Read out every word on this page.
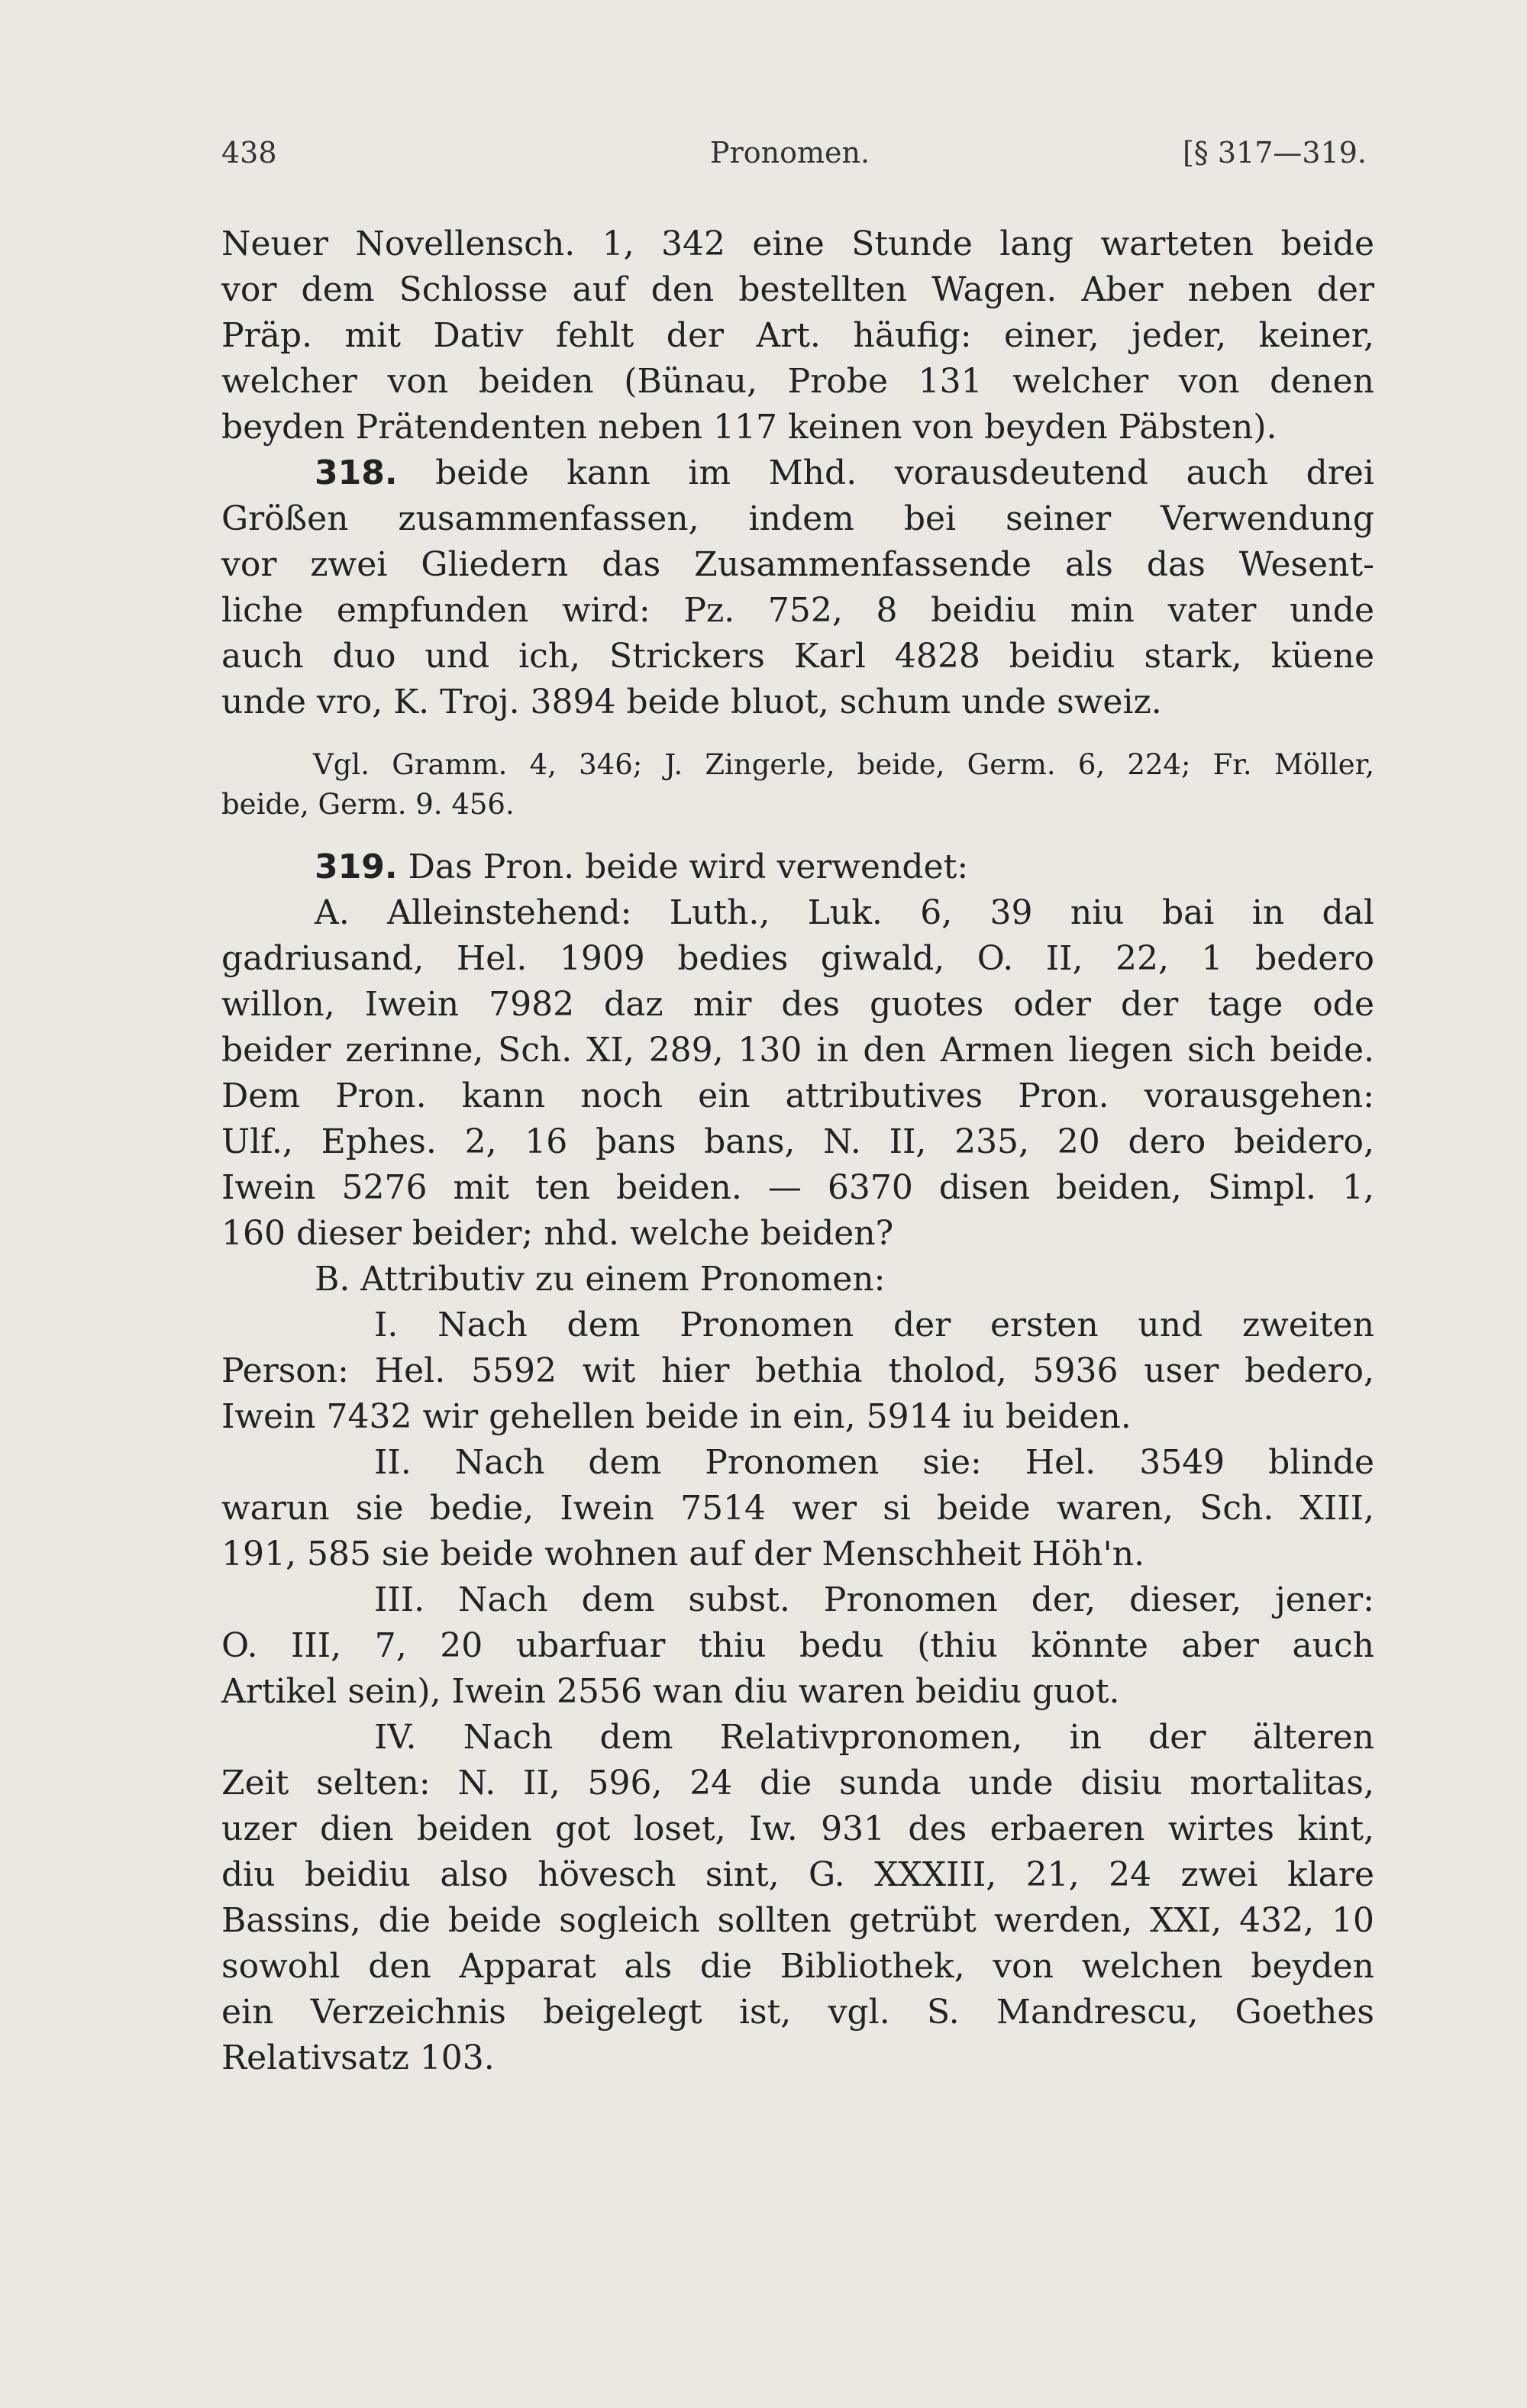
438	Pronomen.	[§ 317—319.
Neuer Novellensch. 1, 342 eine Stunde lang warteten beide
vor dem Schlosse auf den bestellten Wagen. Aber neben der
Präp. mit Dativ fehlt der Art. häufig: einer, jeder, keiner,
welcher von beiden (Bünau, Probe 131 welcher von denen
beyden Prätendenten neben 117 keinen von beyden Päbsten).
318. beide kann im Mhd. vorausdeutend auch drei
Größen zusammenfassen, indem bei seiner Verwendung
vor zwei Gliedern das Zusammenfassende als das Wesent-
liche empfunden wird: Pz. 752, 8 beidiu min vater unde
auch duo und ich, Strickers Karl 4828 beidiu stark, küene
unde vro, K. Troj. 3894 beide bluot, schum unde sweiz.
Vgl. Gramm. 4, 346; J. Zingerle, beide, Germ. 6, 224; Fr. Möller,
beide, Germ. 9. 456.
319. Das Pron. beide wird verwendet:
A. Alleinstehend: Luth., Luk. 6, 39 niu bai in dal
gadriusand, Hel. 1909 bedies giwald, O. II, 22, 1 bedero
willon, Iwein 7982 daz mir des guotes oder der tage ode
beider zerinne, Sch. XI, 289, 130 in den Armen liegen sich beide.
Dem Pron. kann noch ein attributives Pron. vorausgehen:
Ulf., Ephes. 2, 16 þans bans, N. II, 235, 20 dero beidero,
Iwein 5276 mit ten beiden. — 6370 disen beiden, Simpl. 1,
160 dieser beider; nhd. welche beiden?
B. Attributiv zu einem Pronomen:
I. Nach dem Pronomen der ersten und zweiten
Person: Hel. 5592 wit hier bethia tholod, 5936 user bedero,
Iwein 7432 wir gehellen beide in ein, 5914 iu beiden.
II. Nach dem Pronomen sie: Hel. 3549 blinde
warun sie bedie, Iwein 7514 wer si beide waren, Sch. XIII,
191, 585 sie beide wohnen auf der Menschheit Höh'n.
III. Nach dem subst. Pronomen der, dieser, jener:
O. III, 7, 20 ubarfuar thiu bedu (thiu könnte aber auch
Artikel sein), Iwein 2556 wan diu waren beidiu guot.
IV. Nach dem Relativpronomen, in der älteren
Zeit selten: N. II, 596, 24 die sunda unde disiu mortalitas,
uzer dien beiden got loset, Iw. 931 des erbaeren wirtes kint,
diu beidiu also hövesch sint, G. XXXIII, 21, 24 zwei klare
Bassins, die beide sogleich sollten getrübt werden, XXI, 432, 10
sowohl den Apparat als die Bibliothek, von welchen beyden
ein Verzeichnis beigelegt ist, vgl. S. Mandrescu, Goethes
Relativsatz 103.
